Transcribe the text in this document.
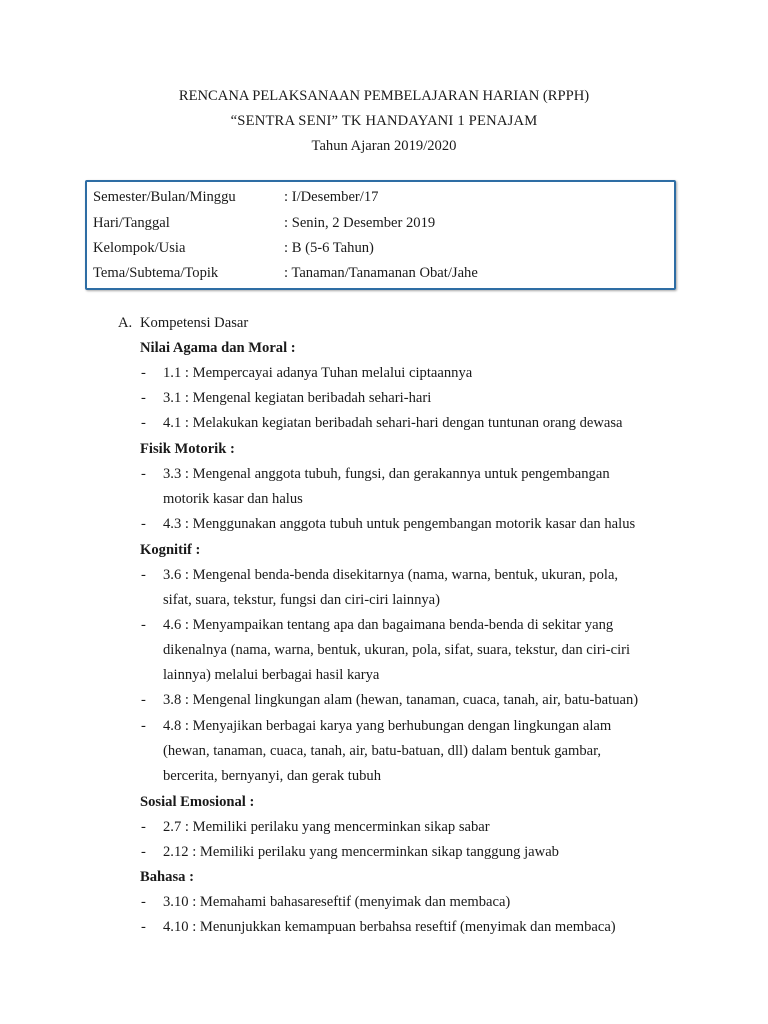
RENCANA PELAKSANAAN PEMBELAJARAN HARIAN (RPPH)
“SENTRA SENI” TK HANDAYANI 1 PENAJAM
Tahun Ajaran 2019/2020
Semester/Bulan/Minggu	: I/Desember/17
Hari/Tanggal	: Senin, 2 Desember 2019
Kelompok/Usia	: B (5-6 Tahun)
Tema/Subtema/Topik	: Tanaman/Tanamanan Obat/Jahe
A. Kompetensi Dasar
Nilai Agama dan Moral :
- 1.1 : Mempercayai adanya Tuhan melalui ciptaannya
- 3.1 : Mengenal kegiatan beribadah sehari-hari
- 4.1 : Melakukan kegiatan beribadah sehari-hari dengan tuntunan orang dewasa
Fisik Motorik :
- 3.3 : Mengenal anggota tubuh, fungsi, dan gerakannya untuk pengembangan
motorik kasar dan halus
- 4.3 : Menggunakan anggota tubuh untuk pengembangan motorik kasar dan halus
Kognitif :
- 3.6 : Mengenal benda-benda disekitarnya (nama, warna, bentuk, ukuran, pola,
sifat, suara, tekstur, fungsi dan ciri-ciri lainnya)
- 4.6 : Menyampaikan tentang apa dan bagaimana benda-benda di sekitar yang
dikenalnya (nama, warna, bentuk, ukuran, pola, sifat, suara, tekstur, dan ciri-ciri
lainnya) melalui berbagai hasil karya
- 3.8 : Mengenal lingkungan alam (hewan, tanaman, cuaca, tanah, air, batu-batuan)
- 4.8 : Menyajikan berbagai karya yang berhubungan dengan lingkungan alam
(hewan, tanaman, cuaca, tanah, air, batu-batuan, dll) dalam bentuk gambar,
bercerita, bernyanyi, dan gerak tubuh
Sosial Emosional :
- 2.7 : Memiliki perilaku yang mencerminkan sikap sabar
- 2.12 : Memiliki perilaku yang mencerminkan sikap tanggung jawab
Bahasa :
- 3.10 : Memahami bahasareseftif (menyimak dan membaca)
- 4.10 : Menunjukkan kemampuan berbahsa reseftif (menyimak dan membaca)
